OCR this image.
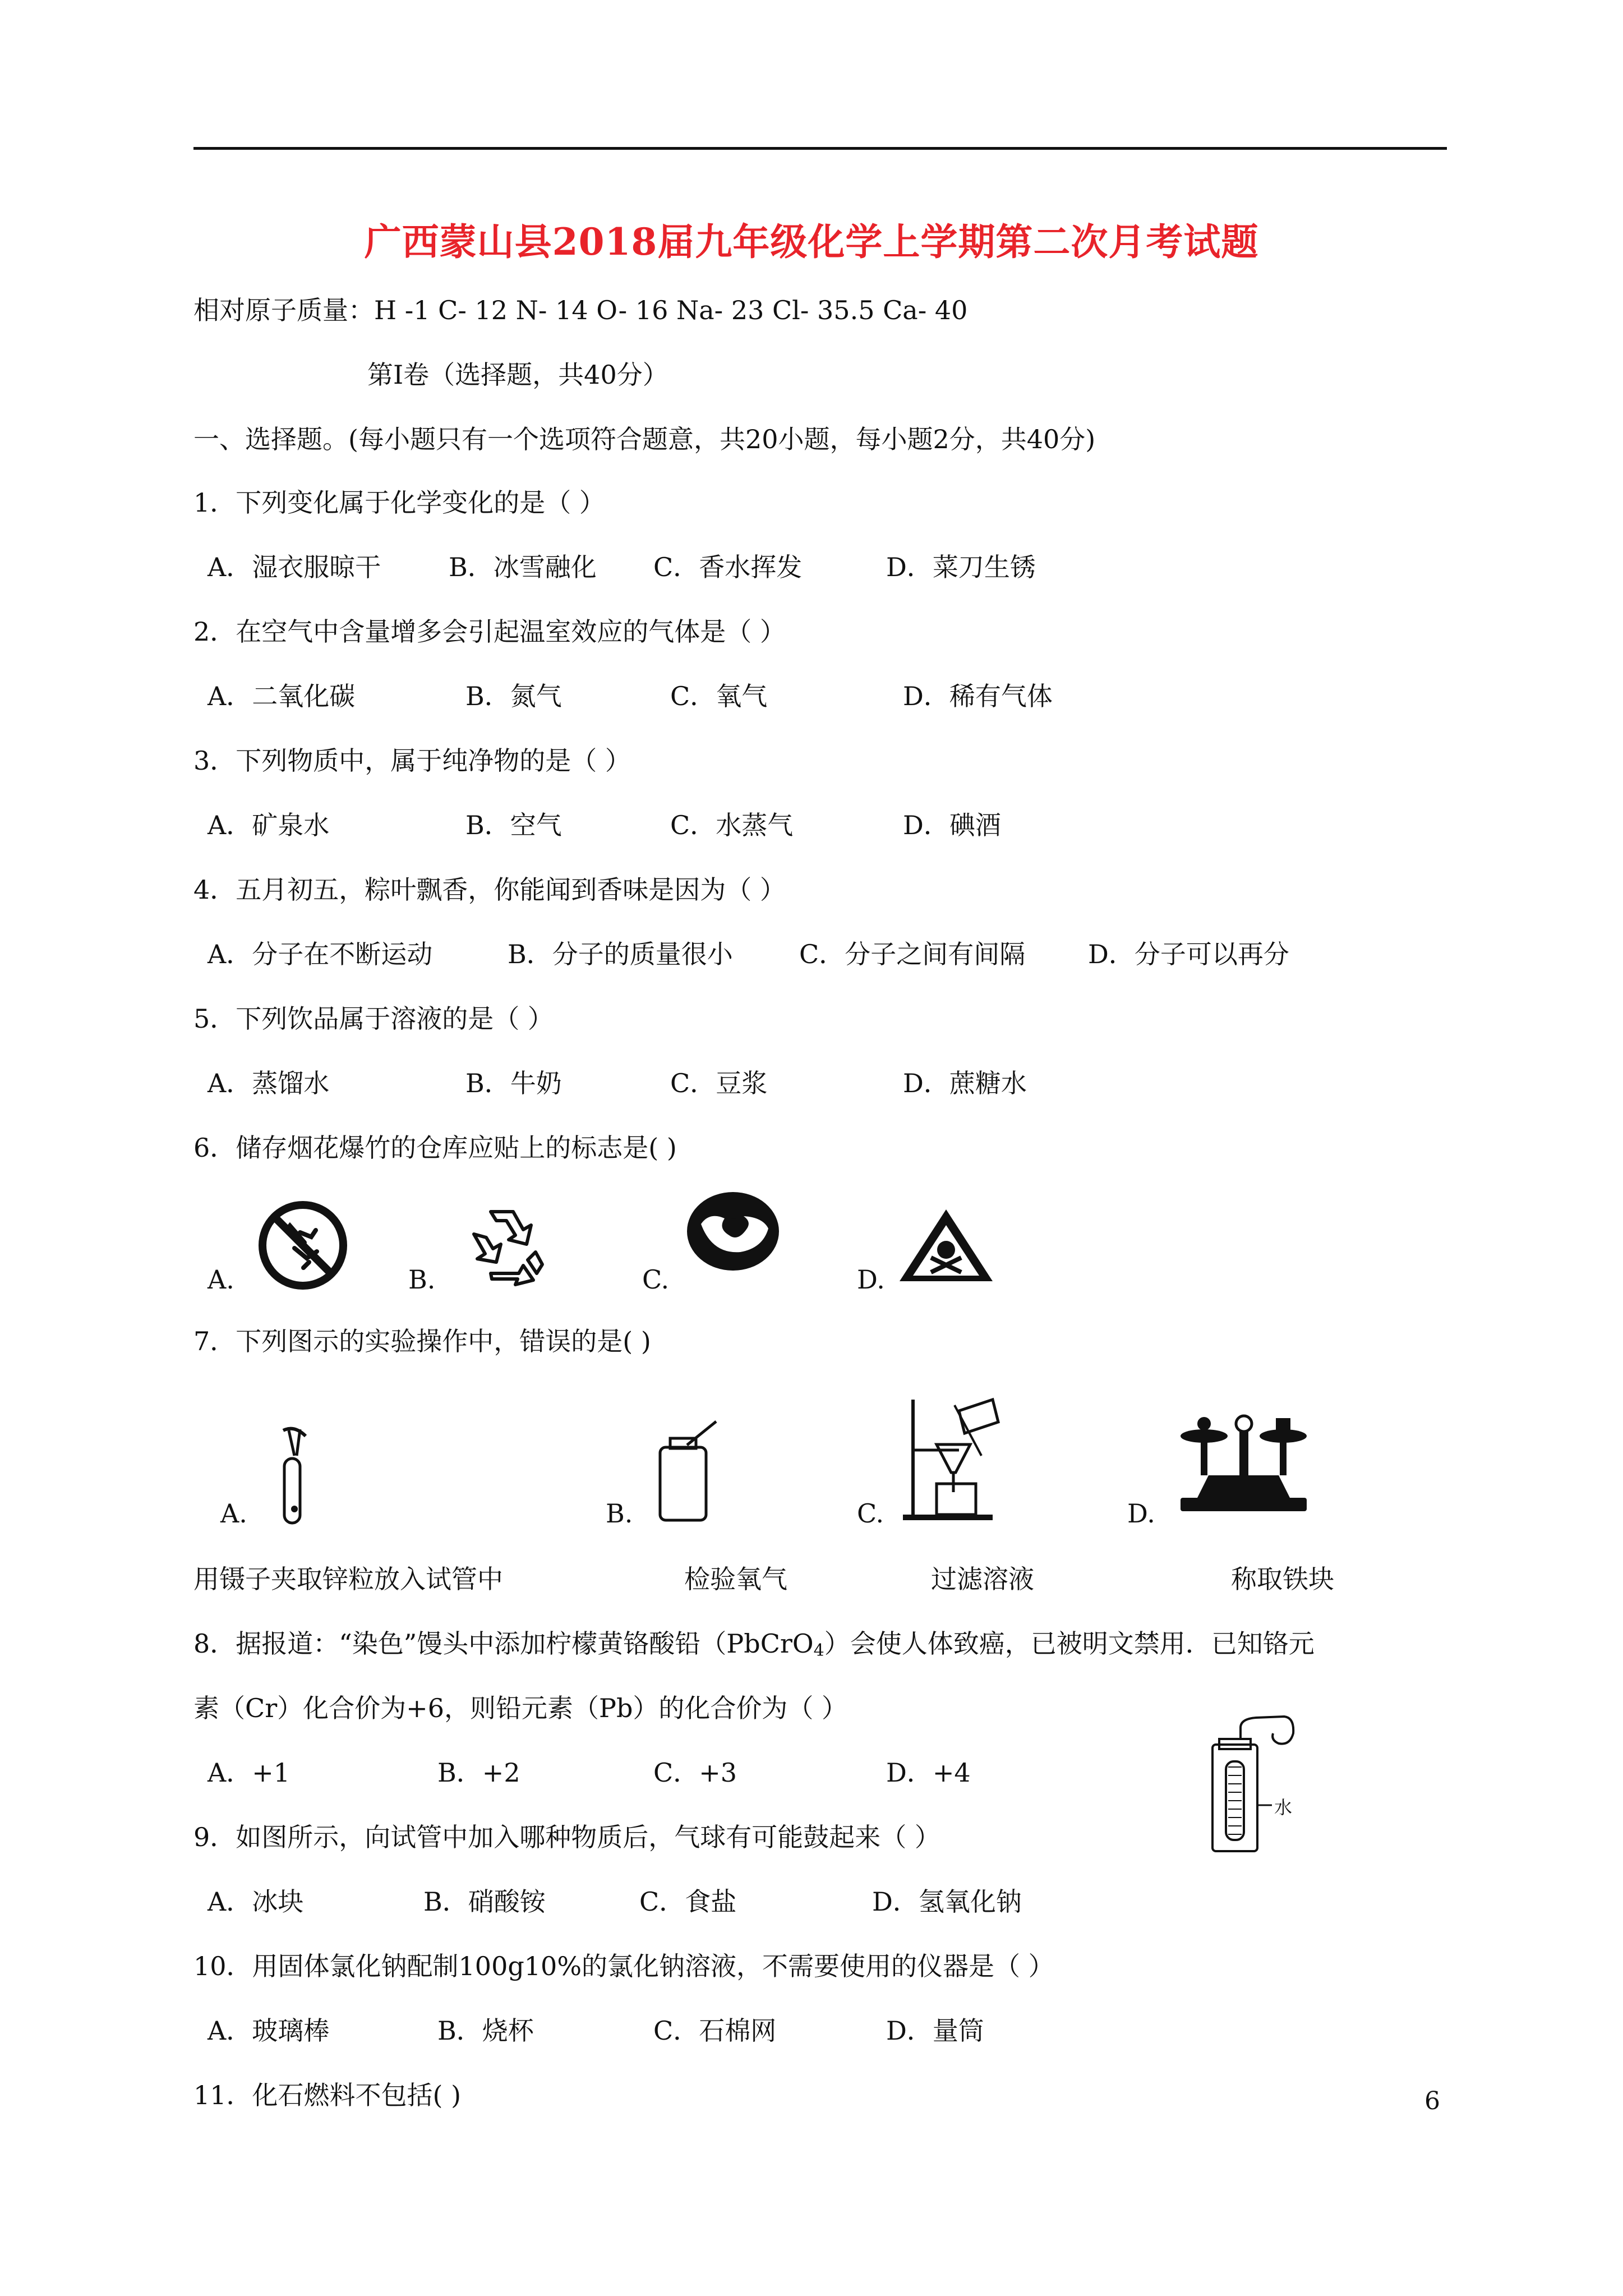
广西蒙山县2018届九年级化学上学期第二次月考试题
相对原子质量：H -1 C- 12 N- 14 O- 16 Na- 23 Cl- 35.5 Ca- 40
第Ⅰ卷（选择题，共40分）
一、选择题。(每小题只有一个选项符合题意，共20小题，每小题2分，共40分)
1．下列变化属于化学变化的是（ ）
A．湿衣服晾干	B．冰雪融化 C．香水挥发	D．菜刀生锈
2．在空气中含量增多会引起温室效应的气体是（ ）
A．二氧化碳	B．氮气	C．氧气	D．稀有气体
3．下列物质中，属于纯净物的是（ ）
A．矿泉水	B．空气	C．水蒸气	D．碘酒
4．五月初五，粽叶飘香，你能闻到香味是因为（ ）
A．分子在不断运动	B．分子的质量很小	C．分子之间有间隔 D．分子可以再分
5．下列饮品属于溶液的是（ ）
A．蒸馏水	B．牛奶	C．豆浆	D．蔗糖水
6．储存烟花爆竹的仓库应贴上的标志是( )
A.	B.	C.	D.
7．下列图示的实验操作中，错误的是( )
A.	B.	C.	D.
用镊子夹取锌粒放入试管中	检验氧气	过滤溶液	称取铁块
8．据报道：“染色”馒头中添加柠檬黄铬酸铅（PbCrO$_4$）会使人体致癌，已被明文禁用．已知铬元
素（Cr）化合价为+6，则铅元素（Pb）的化合价为（ ）
A．+1	B．+2	C．+3	D．+4
水
9．如图所示，向试管中加入哪种物质后，气球有可能鼓起来（ ）
A．冰块	B．硝酸铵	C．食盐	D．氢氧化钠
10．用固体氯化钠配制100g10%的氯化钠溶液，不需要使用的仪器是（ ）
A．玻璃棒	B．烧杯	C．石棉网	D．量筒
11．化石燃料不包括( )	6
